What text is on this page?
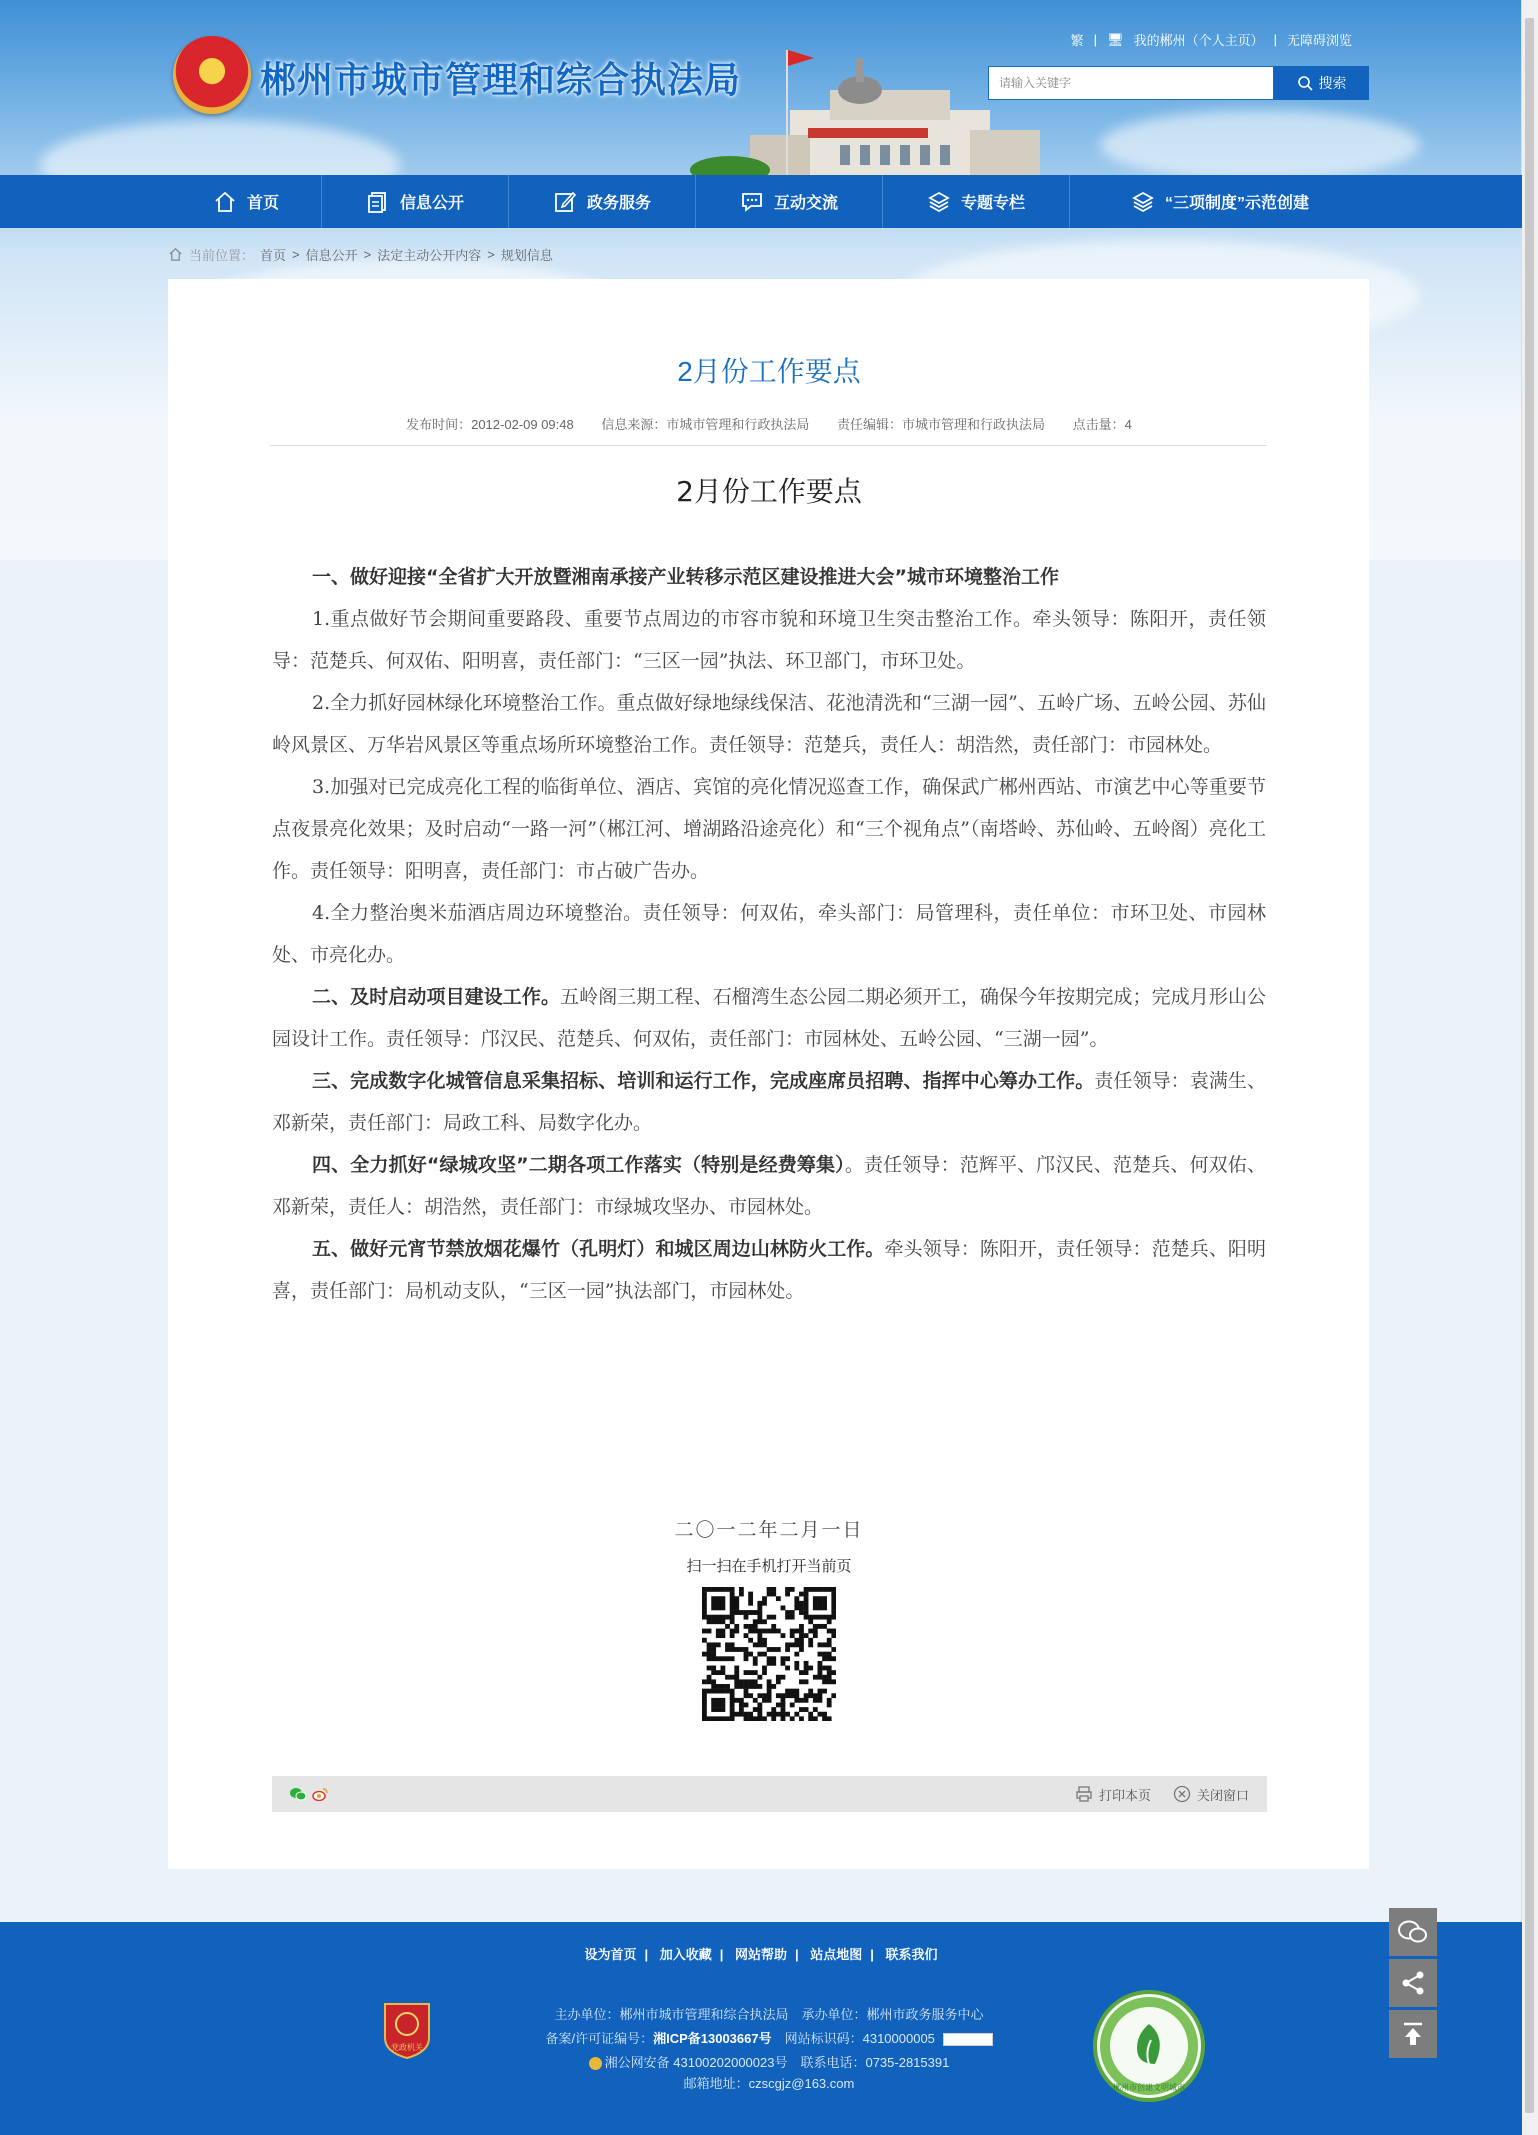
郴州市城市管理和综合执法局
繁 | 🖥 我的郴州（个人主页） | 无障碍浏览
请输入关键字	搜索
首页	信息公开	政务服务	互动交流	专题专栏	“三项制度”示范创建
当前位置： 首页 > 信息公开 > 法定主动公开内容 > 规划信息
2月份工作要点
发布时间：2012-02-09 09:48 信息来源：市城市管理和行政执法局 责任编辑：市城市管理和行政执法局 点击量：4
2月份工作要点

一、做好迎接“全省扩大开放暨湘南承接产业转移示范区建设推进大会”城市环境整治工作

1.重点做好节会期间重要路段、重要节点周边的市容市貌和环境卫生突击整治工作。牵头领导：陈阳开，责任领导：范楚兵、何双佑、阳明喜，责任部门：“三区一园”执法、环卫部门，市环卫处。

2.全力抓好园林绿化环境整治工作。重点做好绿地绿线保洁、花池清洗和“三湖一园”、五岭广场、五岭公园、苏仙岭风景区、万华岩风景区等重点场所环境整治工作。责任领导：范楚兵，责任人：胡浩然，责任部门：市园林处。

3.加强对已完成亮化工程的临街单位、酒店、宾馆的亮化情况巡查工作，确保武广郴州西站、市演艺中心等重要节点夜景亮化效果；及时启动“一路一河”（郴江河、增湖路沿途亮化）和“三个视角点”（南塔岭、苏仙岭、五岭阁）亮化工作。责任领导：阳明喜，责任部门：市占破广告办。

4.全力整治奥米茄酒店周边环境整治。责任领导：何双佑，牵头部门：局管理科，责任单位：市环卫处、市园林处、市亮化办。

二、及时启动项目建设工作。五岭阁三期工程、石榴湾生态公园二期必须开工，确保今年按期完成；完成月形山公园设计工作。责任领导：邝汉民、范楚兵、何双佑，责任部门：市园林处、五岭公园、“三湖一园”。

三、完成数字化城管信息采集招标、培训和运行工作，完成座席员招聘、指挥中心筹办工作。责任领导：袁满生、邓新荣，责任部门：局政工科、局数字化办。

四、全力抓好“绿城攻坚”二期各项工作落实（特别是经费筹集）。责任领导：范辉平、邝汉民、范楚兵、何双佑、邓新荣，责任人：胡浩然，责任部门：市绿城攻坚办、市园林处。

五、做好元宵节禁放烟花爆竹（孔明灯）和城区周边山林防火工作。牵头领导：陈阳开，责任领导：范楚兵、阳明喜，责任部门：局机动支队，“三区一园”执法部门，市园林处。

二〇一二年二月一日
扫一扫在手机打开当前页
打印本页	关闭窗口
设为首页 | 加入收藏 | 网站帮助 | 站点地图 | 联系我们
党政机关
主办单位：郴州市城市管理和综合执法局　承办单位：郴州市政务服务中心
备案/许可证编号：湘ICP备13003667号　 网站标识码：4310000005
湘公网安备 43100202000023号　联系电话：0735-2815391
邮箱地址：czscgjz@163.com	郴州市创建文明城市
